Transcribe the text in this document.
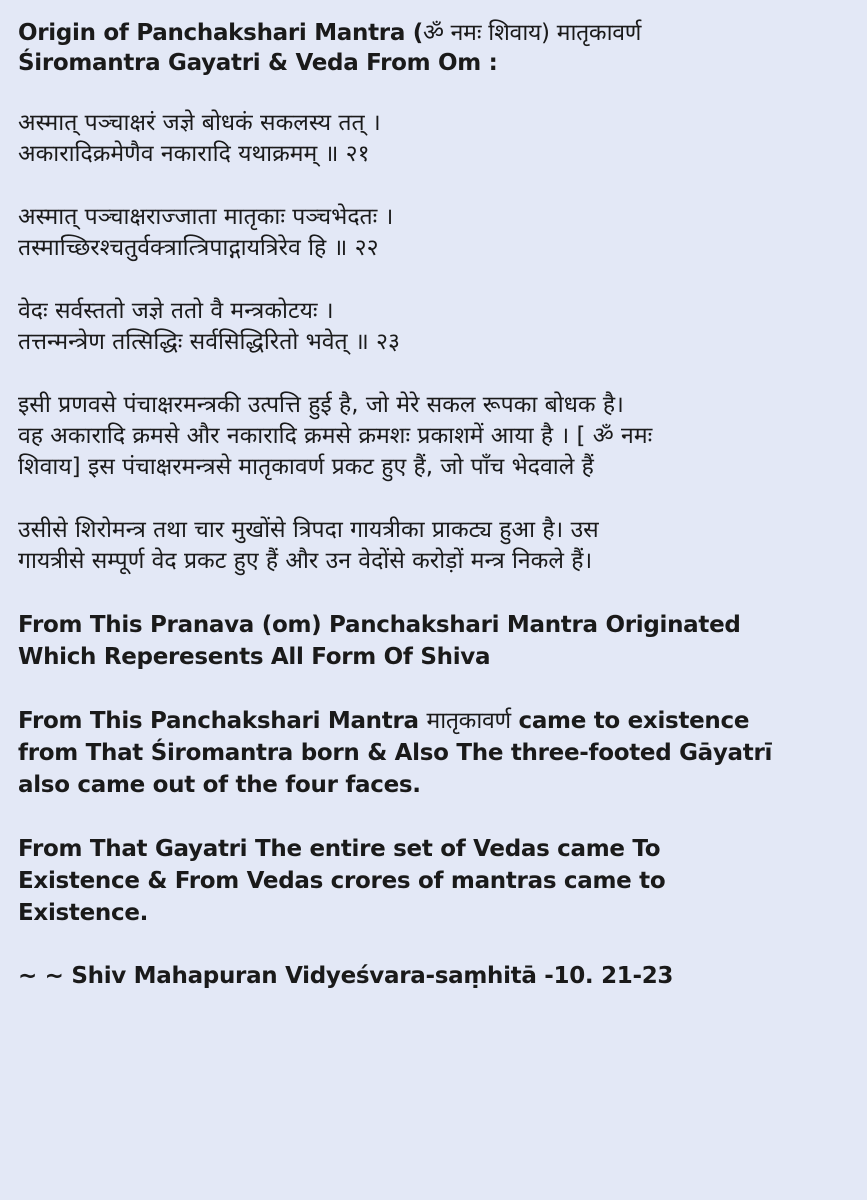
Origin of Panchakshari Mantra (ॐ नमः शिवाय) मातृकावर्ण

Śiromantra Gayatri & Veda From Om :

अस्मात् पञ्चाक्षरं जज्ञे बोधकं सकलस्य तत् ।

अकारादिक्रमेणैव नकारादि यथाक्रमम् ॥ २१

अस्मात् पञ्चाक्षराज्जाता मातृकाः पञ्चभेदतः ।

तस्माच्छिरश्चतुर्वक्त्रात्त्रिपाद्गायत्रिरेव हि ॥ २२

वेदः सर्वस्ततो जज्ञे ततो वै मन्त्रकोटयः ।

तत्तन्मन्त्रेण तत्सिद्धिः सर्वसिद्धिरितो भवेत् ॥ २३

इसी प्रणवसे पंचाक्षरमन्त्रकी उत्पत्ति हुई है, जो मेरे सकल रूपका बोधक है।

वह अकारादि क्रमसे और नकारादि क्रमसे क्रमशः प्रकाशमें आया है । [ ॐ नमः

शिवाय] इस पंचाक्षरमन्त्रसे मातृकावर्ण प्रकट हुए हैं, जो पाँच भेदवाले हैं

उसीसे शिरोमन्त्र तथा चार मुखोंसे त्रिपदा गायत्रीका प्राकट्य हुआ है। उस

गायत्रीसे सम्पूर्ण वेद प्रकट हुए हैं और उन वेदोंसे करोड़ों मन्त्र निकले हैं।

From This Pranava (om) Panchakshari Mantra Originated

Which Reperesents All Form Of Shiva

From This Panchakshari Mantra मातृकावर्ण came to existence

from That Śiromantra born & Also The three-footed Gāyatrī

also came out of the four faces.

From That Gayatri The entire set of Vedas came To

Existence & From Vedas crores of mantras came to

Existence.

~ ~ Shiv Mahapuran Vidyeśvara-saṃhitā -10. 21-23
